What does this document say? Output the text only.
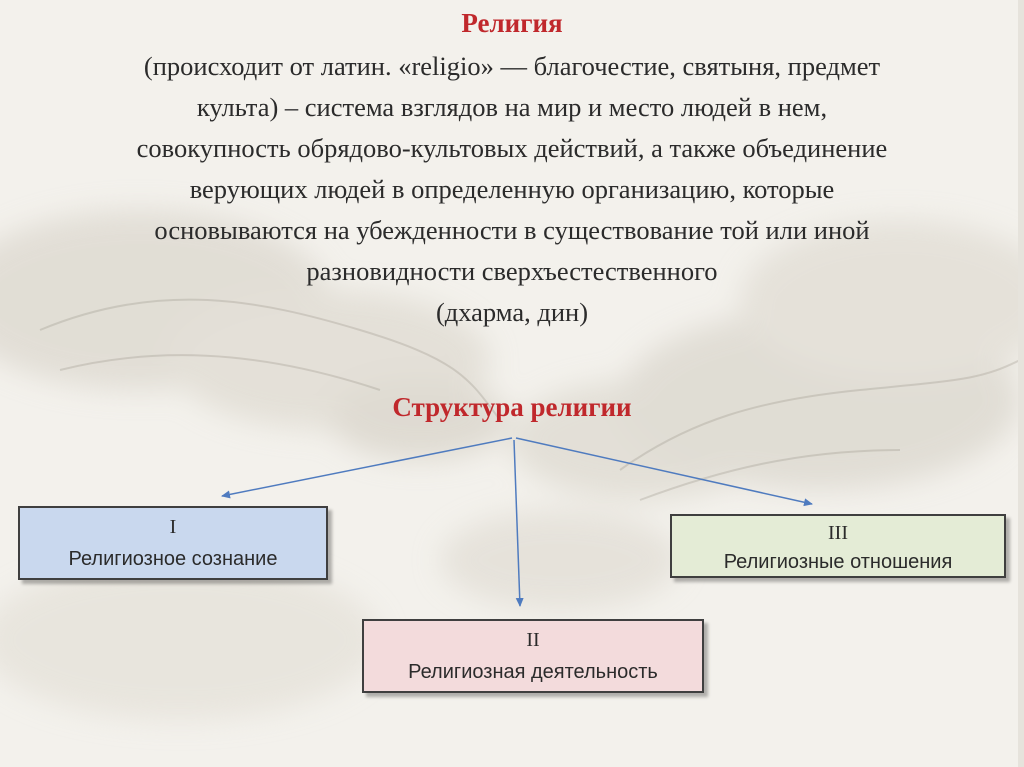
Религия
(происходит от латин. «religio» — благочестие, святыня, предмет
культа) – система взглядов на мир и место людей в нем,
совокупность обрядово-культовых действий, а также объединение
верующих людей в определенную организацию, которые
основываются на убежденности в существование той или иной
разновидности сверхъестественного
(дхарма, дин)
Структура религии
I
Религиозное сознание
II
Религиозная деятельность
III
Религиозные отношения
